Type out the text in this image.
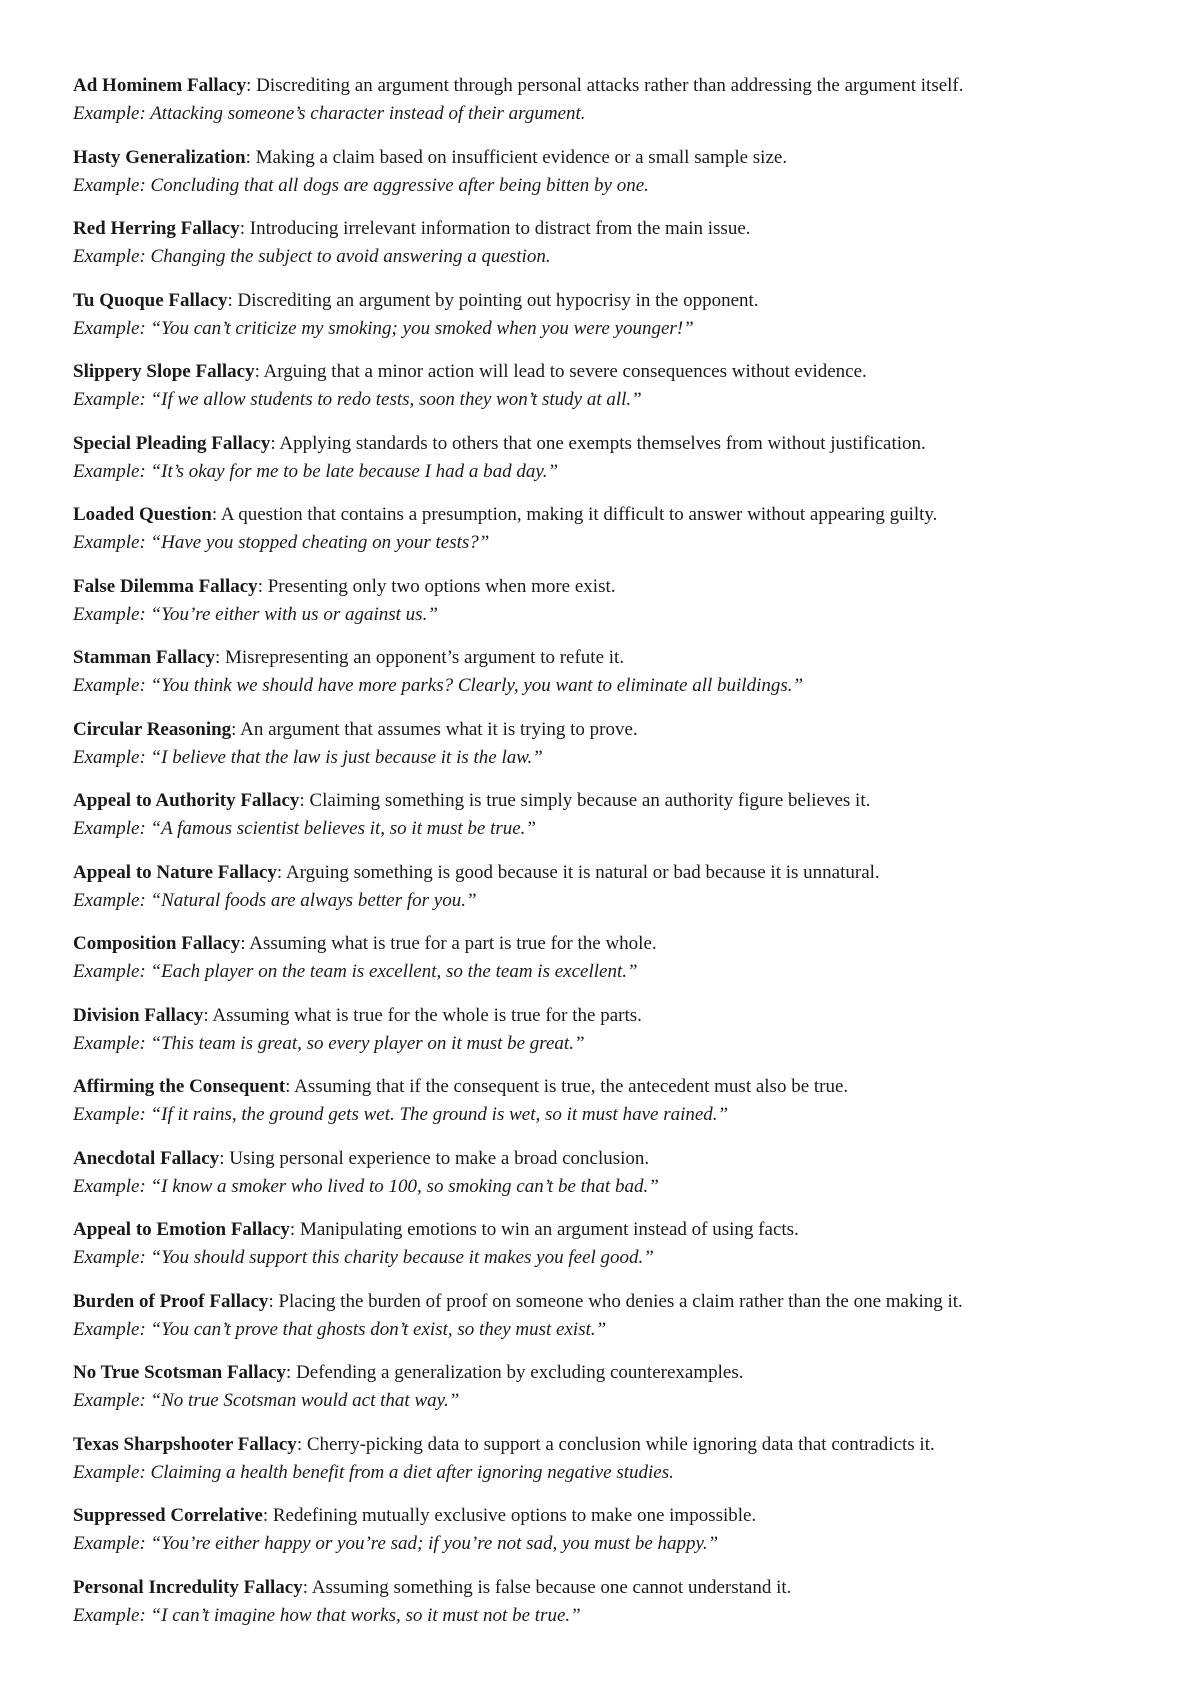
Ad Hominem Fallacy: Discrediting an argument through personal attacks rather than addressing the argument itself.
Example: Attacking someone’s character instead of their argument.
Hasty Generalization: Making a claim based on insufficient evidence or a small sample size.
Example: Concluding that all dogs are aggressive after being bitten by one.
Red Herring Fallacy: Introducing irrelevant information to distract from the main issue.
Example: Changing the subject to avoid answering a question.
Tu Quoque Fallacy: Discrediting an argument by pointing out hypocrisy in the opponent.
Example: “You can’t criticize my smoking; you smoked when you were younger!”
Slippery Slope Fallacy: Arguing that a minor action will lead to severe consequences without evidence.
Example: “If we allow students to redo tests, soon they won’t study at all.”
Special Pleading Fallacy: Applying standards to others that one exempts themselves from without justification.
Example: “It’s okay for me to be late because I had a bad day.”
Loaded Question: A question that contains a presumption, making it difficult to answer without appearing guilty.
Example: “Have you stopped cheating on your tests?”
False Dilemma Fallacy: Presenting only two options when more exist.
Example: “You’re either with us or against us.”
Stamman Fallacy: Misrepresenting an opponent’s argument to refute it.
Example: “You think we should have more parks? Clearly, you want to eliminate all buildings.”
Circular Reasoning: An argument that assumes what it is trying to prove.
Example: “I believe that the law is just because it is the law.”
Appeal to Authority Fallacy: Claiming something is true simply because an authority figure believes it.
Example: “A famous scientist believes it, so it must be true.”
Appeal to Nature Fallacy: Arguing something is good because it is natural or bad because it is unnatural.
Example: “Natural foods are always better for you.”
Composition Fallacy: Assuming what is true for a part is true for the whole.
Example: “Each player on the team is excellent, so the team is excellent.”
Division Fallacy: Assuming what is true for the whole is true for the parts.
Example: “This team is great, so every player on it must be great.”
Affirming the Consequent: Assuming that if the consequent is true, the antecedent must also be true.
Example: “If it rains, the ground gets wet. The ground is wet, so it must have rained.”
Anecdotal Fallacy: Using personal experience to make a broad conclusion.
Example: “I know a smoker who lived to 100, so smoking can’t be that bad.”
Appeal to Emotion Fallacy: Manipulating emotions to win an argument instead of using facts.
Example: “You should support this charity because it makes you feel good.”
Burden of Proof Fallacy: Placing the burden of proof on someone who denies a claim rather than the one making it.
Example: “You can’t prove that ghosts don’t exist, so they must exist.”
No True Scotsman Fallacy: Defending a generalization by excluding counterexamples.
Example: “No true Scotsman would act that way.”
Texas Sharpshooter Fallacy: Cherry-picking data to support a conclusion while ignoring data that contradicts it.
Example: Claiming a health benefit from a diet after ignoring negative studies.
Suppressed Correlative: Redefining mutually exclusive options to make one impossible.
Example: “You’re either happy or you’re sad; if you’re not sad, you must be happy.”
Personal Incredulity Fallacy: Assuming something is false because one cannot understand it.
Example: “I can’t imagine how that works, so it must not be true.”
